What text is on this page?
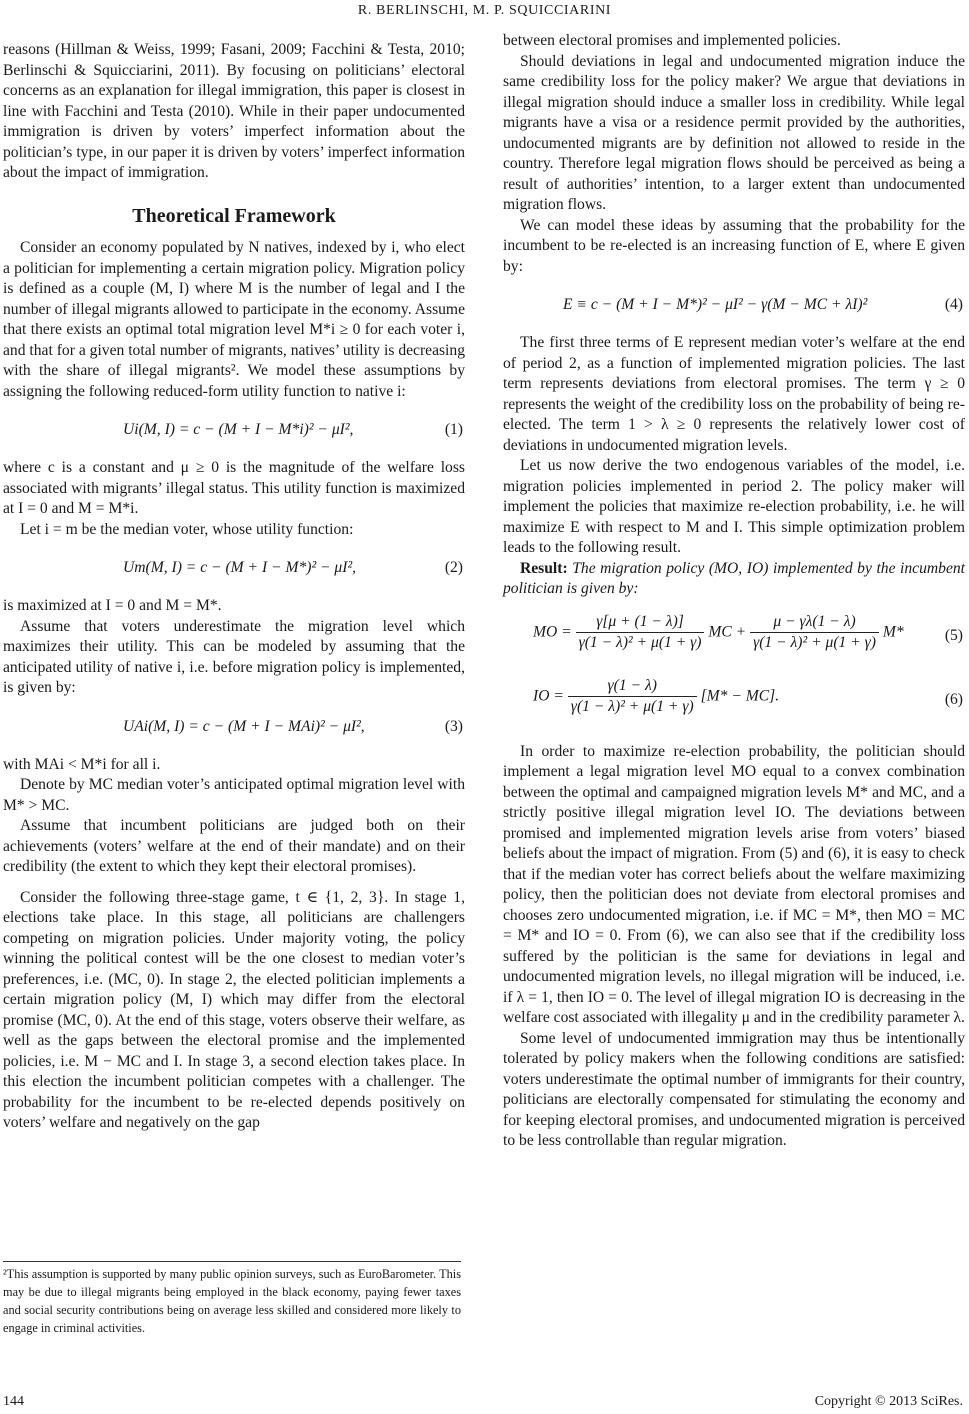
R. BERLINSCHI, M. P. SQUICCIARINI

reasons (Hillman & Weiss, 1999; Fasani, 2009; Facchini & Testa, 2010; Berlinschi & Squicciarini, 2011). By focusing on politicians’ electoral concerns as an explanation for illegal immigration, this paper is closest in line with Facchini and Testa (2010). While in their paper undocumented immigration is driven by voters’ imperfect information about the politician’s type, in our paper it is driven by voters’ imperfect information about the impact of immigration.

Theoretical Framework

Consider an economy populated by N natives, indexed by i, who elect a politician for implementing a certain migration policy. Migration policy is defined as a couple (M, I) where M is the number of legal and I the number of illegal migrants allowed to participate in the economy. Assume that there exists an optimal total migration level M*i ≥ 0 for each voter i, and that for a given total number of migrants, natives’ utility is decreasing with the share of illegal migrants². We model these assumptions by assigning the following reduced-form utility function to native i:

Ui(M, I) = c − (M + I − M*i)² − μI²,	(1)

where c is a constant and μ ≥ 0 is the magnitude of the welfare loss associated with migrants’ illegal status. This utility function is maximized at I = 0 and M = M*i.

Let i = m be the median voter, whose utility function:

Um(M, I) = c − (M + I − M*)² − μI²,	(2)

is maximized at I = 0 and M = M*.

Assume that voters underestimate the migration level which maximizes their utility. This can be modeled by assuming that the anticipated utility of native i, i.e. before migration policy is implemented, is given by:

UAi(M, I) = c − (M + I − MAi)² − μI²,	(3)

with MAi < M*i for all i.

Denote by MC median voter’s anticipated optimal migration level with M* > MC.

Assume that incumbent politicians are judged both on their achievements (voters’ welfare at the end of their mandate) and on their credibility (the extent to which they kept their electoral promises).

Consider the following three-stage game, t ∈ {1, 2, 3}. In stage 1, elections take place. In this stage, all politicians are challengers competing on migration policies. Under majority voting, the policy winning the political contest will be the one closest to median voter’s preferences, i.e. (MC, 0). In stage 2, the elected politician implements a certain migration policy (M, I) which may differ from the electoral promise (MC, 0). At the end of this stage, voters observe their welfare, as well as the gaps between the electoral promise and the implemented policies, i.e. M − MC and I. In stage 3, a second election takes place. In this election the incumbent politician competes with a challenger. The probability for the incumbent to be re-elected depends positively on voters’ welfare and negatively on the gap

between electoral promises and implemented policies.

Should deviations in legal and undocumented migration induce the same credibility loss for the policy maker? We argue that deviations in illegal migration should induce a smaller loss in credibility. While legal migrants have a visa or a residence permit provided by the authorities, undocumented migrants are by definition not allowed to reside in the country. Therefore legal migration flows should be perceived as being a result of authorities’ intention, to a larger extent than undocumented migration flows.

We can model these ideas by assuming that the probability for the incumbent to be re-elected is an increasing function of E, where E given by:

E ≡ c − (M + I − M*)² − μI² − γ(M − MC + λI)²	(4)

The first three terms of E represent median voter’s welfare at the end of period 2, as a function of implemented migration policies. The last term represents deviations from electoral promises. The term γ ≥ 0 represents the weight of the credibility loss on the probability of being re-elected. The term 1 > λ ≥ 0 represents the relatively lower cost of deviations in undocumented migration levels.

Let us now derive the two endogenous variables of the model, i.e. migration policies implemented in period 2. The policy maker will implement the policies that maximize re-election probability, i.e. he will maximize E with respect to M and I. This simple optimization problem leads to the following result.

Result: The migration policy (MO, IO) implemented by the incumbent politician is given by:

MO = $\frac{\gamma[\mu + (1 - \lambda)]}{\text{γ(1 − λ)² + μ(1 + γ)}}$ MC + $\frac{\mu - \gamma\lambda(1 - \lambda)}{\text{γ(1 − λ)² + μ(1 + γ)}} M*$	(5)
IO = $\frac{\gamma(1 - \lambda)}{\text{γ(1 − λ)² + μ(1 + γ)}} [M* - MC]$.	(6)

In order to maximize re-election probability, the politician should implement a legal migration level MO equal to a convex combination between the optimal and campaigned migration levels M* and MC, and a strictly positive illegal migration level IO. The deviations between promised and implemented migration levels arise from voters’ biased beliefs about the impact of migration. From (5) and (6), it is easy to check that if the median voter has correct beliefs about the welfare maximizing policy, then the politician does not deviate from electoral promises and chooses zero undocumented migration, i.e. if MC = M*, then MO = MC = M* and IO = 0. From (6), we can also see that if the credibility loss suffered by the politician is the same for deviations in legal and undocumented migration levels, no illegal migration will be induced, i.e. if λ = 1, then IO = 0. The level of illegal migration IO is decreasing in the welfare cost associated with illegality μ and in the credibility parameter λ.

Some level of undocumented immigration may thus be intentionally tolerated by policy makers when the following conditions are satisfied: voters underestimate the optimal number of immigrants for their country, politicians are electorally compensated for stimulating the economy and for keeping electoral promises, and undocumented migration is perceived to be less controllable than regular migration.

²This assumption is supported by many public opinion surveys, such as EuroBarometer. This may be due to illegal migrants being employed in the black economy, paying fewer taxes and social security contributions being on average less skilled and considered more likely to engage in criminal activities.
144	Copyright © 2013 SciRes.
